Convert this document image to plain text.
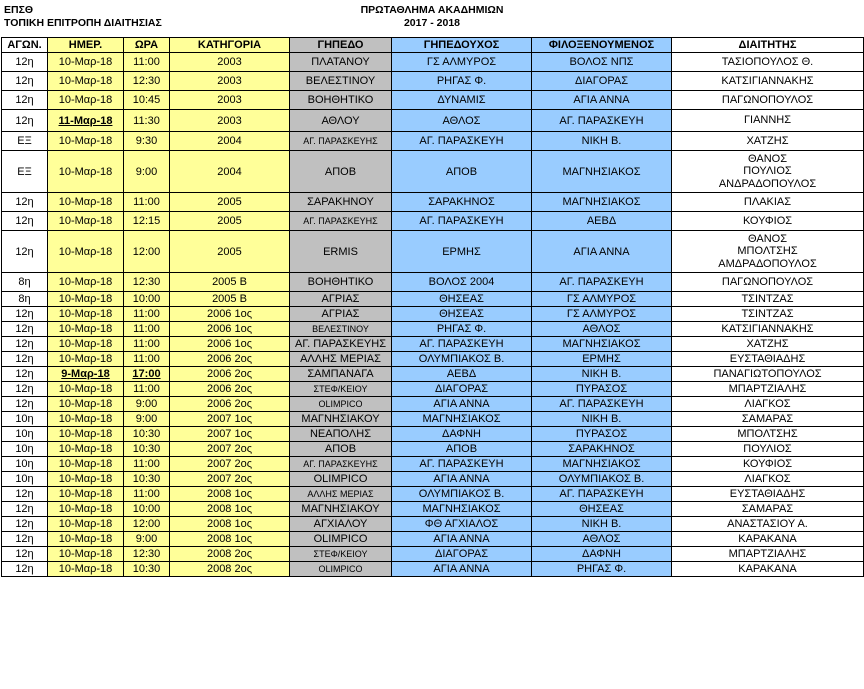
ΕΠΣΘ
ΤΟΠΙΚΗ ΕΠΙΤΡΟΠΗ ΔΙΑΙΤΗΣΙΑΣ
ΠΡΩΤΑΘΛΗΜΑ ΑΚΑΔΗΜΙΩΝ
2017 - 2018
ΑΓΩΝ.	ΗΜΕΡ.	ΩΡΑ	ΚΑΤΗΓΟΡΙΑ	ΓΗΠΕΔΟ	ΓΗΠΕΔΟΥΧΟΣ	ΦΙΛΟΞΕΝΟΥΜΕΝΟΣ	ΔΙΑΙΤΗΤΗΣ
12η	10-Μαρ-18	11:00	2003	ΠΛΑΤΑΝΟΥ	ΓΣ ΑΛΜΥΡΟΣ	ΒΟΛΟΣ ΝΠΣ	ΤΑΣΙΟΠΟΥΛΟΣ Θ.

12η	10-Μαρ-18	12:30	2003	ΒΕΛΕΣΤΙΝΟΥ	ΡΗΓΑΣ Φ.	ΔΙΑΓΟΡΑΣ	ΚΑΤΣΙΓΙΑΝΝΑΚΗΣ

12η	10-Μαρ-18	10:45	2003	ΒΟΗΘΗΤΙΚΟ	ΔΥΝΑΜΙΣ	ΑΓΙΑ ΑΝΝΑ	ΠΑΓΩΝΟΠΟΥΛΟΣ

12η	11-Μαρ-18	11:30	2003	ΑΘΛΟΥ	ΑΘΛΟΣ	ΑΓ. ΠΑΡΑΣΚΕΥΗ	ΓΙΑΝΝΗΣ

ΕΞ	10-Μαρ-18	9:30	2004	ΑΓ. ΠΑΡΑΣΚΕΥΗΣ	ΑΓ. ΠΑΡΑΣΚΕΥΗ	ΝΙΚΗ Β.	ΧΑΤΖΗΣ

ΕΞ	10-Μαρ-18	9:00	2004	ΑΠΟΒ	ΑΠΟΒ	ΜΑΓΝΗΣΙΑΚΟΣ	ΘΑΝΟΣ
ΠΟΥΛΙΟΣ
ΑΝΔΡΑΔΟΠΟΥΛΟΣ

12η	10-Μαρ-18	11:00	2005	ΣΑΡΑΚΗΝΟΥ	ΣΑΡΑΚΗΝΟΣ	ΜΑΓΝΗΣΙΑΚΟΣ	ΠΛΑΚΙΑΣ

12η	10-Μαρ-18	12:15	2005	ΑΓ. ΠΑΡΑΣΚΕΥΗΣ	ΑΓ. ΠΑΡΑΣΚΕΥΗ	ΑΕΒΔ	ΚΟΥΦΙΟΣ

12η	10-Μαρ-18	12:00	2005	ERMIS	ΕΡΜΗΣ	ΑΓΙΑ ΑΝΝΑ	ΘΑΝΟΣ
ΜΠΟΛΤΣΗΣ
ΑΜΔΡΑΔΟΠΟΥΛΟΣ

8η	10-Μαρ-18	12:30	2005 Β	ΒΟΗΘΗΤΙΚΟ	ΒΟΛΟΣ 2004	ΑΓ. ΠΑΡΑΣΚΕΥΗ	ΠΑΓΩΝΟΠΟΥΛΟΣ

8η	10-Μαρ-18	10:00	2005 Β	ΑΓΡΙΑΣ	ΘΗΣΕΑΣ	ΓΣ ΑΛΜΥΡΟΣ	ΤΣΙΝΤΖΑΣ

12η	10-Μαρ-18	11:00	2006 1ος	ΑΓΡΙΑΣ	ΘΗΣΕΑΣ	ΓΣ ΑΛΜΥΡΟΣ	ΤΣΙΝΤΖΑΣ

12η	10-Μαρ-18	11:00	2006 1ος	ΒΕΛΕΣΤΙΝΟΥ	ΡΗΓΑΣ Φ.	ΑΘΛΟΣ	ΚΑΤΣΙΓΙΑΝΝΑΚΗΣ

12η	10-Μαρ-18	11:00	2006 1ος	ΑΓ. ΠΑΡΑΣΚΕΥΗΣ	ΑΓ. ΠΑΡΑΣΚΕΥΗ	ΜΑΓΝΗΣΙΑΚΟΣ	ΧΑΤΖΗΣ

12η	10-Μαρ-18	11:00	2006 2ος	ΑΛΛΗΣ ΜΕΡΙΑΣ	ΟΛΥΜΠΙΑΚΟΣ Β.	ΕΡΜΗΣ	ΕΥΣΤΑΘΙΑΔΗΣ

12η	9-Μαρ-18	17:00	2006 2ος	ΣΑΜΠΑΝΑΓΑ	ΑΕΒΔ	ΝΙΚΗ Β.	ΠΑΝΑΓΙΩΤΟΠΟΥΛΟΣ

12η	10-Μαρ-18	11:00	2006 2ος	ΣΤΕΦ/ΚΕΙΟΥ	ΔΙΑΓΟΡΑΣ	ΠΥΡΑΣΟΣ	ΜΠΑΡΤΖΙΑΛΗΣ

12η	10-Μαρ-18	9:00	2006 2ος	OLIMPICO	ΑΓΙΑ ΑΝΝΑ	ΑΓ. ΠΑΡΑΣΚΕΥΗ	ΛΙΑΓΚΟΣ

10η	10-Μαρ-18	9:00	2007 1ος	ΜΑΓΝΗΣΙΑΚΟΥ	ΜΑΓΝΗΣΙΑΚΟΣ	ΝΙΚΗ Β.	ΣΑΜΑΡΑΣ

10η	10-Μαρ-18	10:30	2007 1ος	ΝΕΑΠΟΛΗΣ	ΔΑΦΝΗ	ΠΥΡΑΣΟΣ	ΜΠΟΛΤΣΗΣ

10η	10-Μαρ-18	10:30	2007 2ος	ΑΠΟΒ	ΑΠΟΒ	ΣΑΡΑΚΗΝΟΣ	ΠΟΥΛΙΟΣ

10η	10-Μαρ-18	11:00	2007 2ος	ΑΓ. ΠΑΡΑΣΚΕΥΗΣ	ΑΓ. ΠΑΡΑΣΚΕΥΗ	ΜΑΓΝΗΣΙΑΚΟΣ	ΚΟΥΦΙΟΣ

10η	10-Μαρ-18	10:30	2007 2ος	OLIMPICO	ΑΓΙΑ ΑΝΝΑ	ΟΛΥΜΠΙΑΚΟΣ Β.	ΛΙΑΓΚΟΣ

12η	10-Μαρ-18	11:00	2008 1ος	ΑΛΛΗΣ ΜΕΡΙΑΣ	ΟΛΥΜΠΙΑΚΟΣ Β.	ΑΓ. ΠΑΡΑΣΚΕΥΗ	ΕΥΣΤΑΘΙΑΔΗΣ

12η	10-Μαρ-18	10:00	2008 1ος	ΜΑΓΝΗΣΙΑΚΟΥ	ΜΑΓΝΗΣΙΑΚΟΣ	ΘΗΣΕΑΣ	ΣΑΜΑΡΑΣ

12η	10-Μαρ-18	12:00	2008 1ος	ΑΓΧΙΑΛΟΥ	ΦΘ ΑΓΧΙΑΛΟΣ	ΝΙΚΗ Β.	ΑΝΑΣΤΑΣΙΟΥ Α.

12η	10-Μαρ-18	9:00	2008 1ος	OLIMPICO	ΑΓΙΑ ΑΝΝΑ	ΑΘΛΟΣ	ΚΑΡΑΚΑΝΑ

12η	10-Μαρ-18	12:30	2008 2ος	ΣΤΕΦ/ΚΕΙΟΥ	ΔΙΑΓΟΡΑΣ	ΔΑΦΝΗ	ΜΠΑΡΤΖΙΑΛΗΣ

12η	10-Μαρ-18	10:30	2008 2ος	OLIMPICO	ΑΓΙΑ ΑΝΝΑ	ΡΗΓΑΣ Φ.	ΚΑΡΑΚΑΝΑ
